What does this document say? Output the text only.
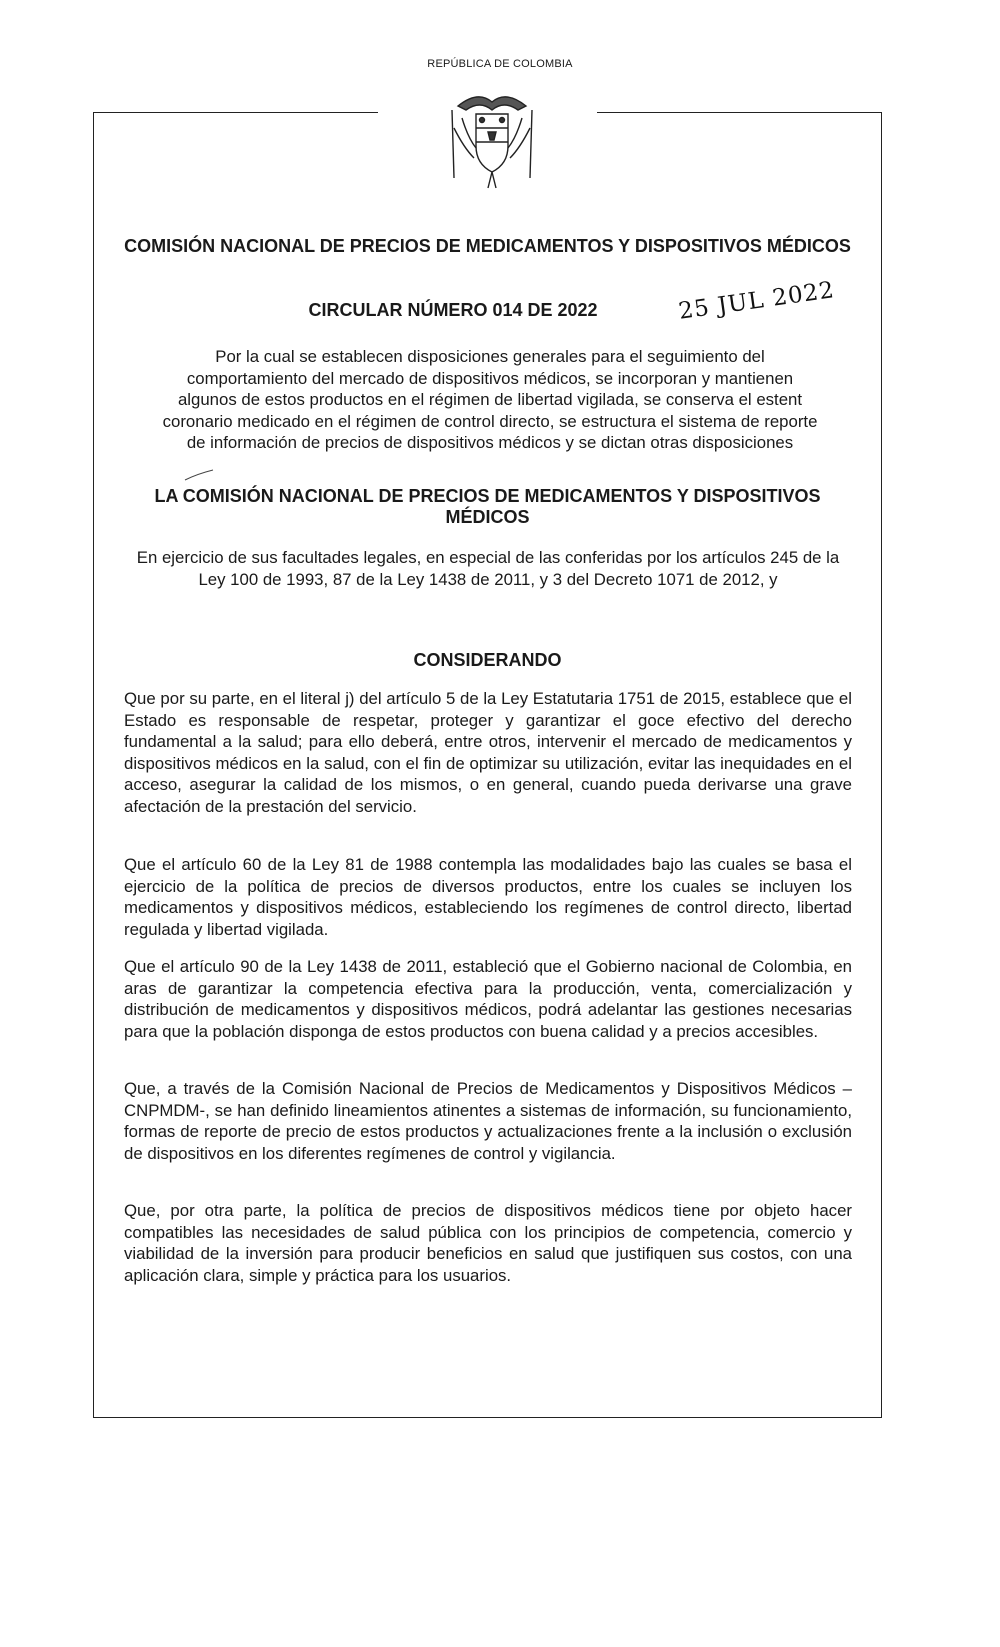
REPÚBLICA DE COLOMBIA
COMISIÓN NACIONAL DE PRECIOS DE MEDICAMENTOS Y DISPOSITIVOS MÉDICOS
CIRCULAR NÚMERO 014 DE 2022	25 JUL 2022
Por la cual se establecen disposiciones generales para el seguimiento del comportamiento del mercado de dispositivos médicos, se incorporan y mantienen algunos de estos productos en el régimen de libertad vigilada, se conserva el estent coronario medicado en el régimen de control directo, se estructura el sistema de reporte de información de precios de dispositivos médicos y se dictan otras disposiciones
LA COMISIÓN NACIONAL DE PRECIOS DE MEDICAMENTOS Y DISPOSITIVOS MÉDICOS
En ejercicio de sus facultades legales, en especial de las conferidas por los artículos 245 de la Ley 100 de 1993, 87 de la Ley 1438 de 2011, y 3 del Decreto 1071 de 2012, y
CONSIDERANDO
Que por su parte, en el literal j) del artículo 5 de la Ley Estatutaria 1751 de 2015, establece que el Estado es responsable de respetar, proteger y garantizar el goce efectivo del derecho fundamental a la salud; para ello deberá, entre otros, intervenir el mercado de medicamentos y dispositivos médicos en la salud, con el fin de optimizar su utilización, evitar las inequidades en el acceso, asegurar la calidad de los mismos, o en general, cuando pueda derivarse una grave afectación de la prestación del servicio.
Que el artículo 60 de la Ley 81 de 1988 contempla las modalidades bajo las cuales se basa el ejercicio de la política de precios de diversos productos, entre los cuales se incluyen los medicamentos y dispositivos médicos, estableciendo los regímenes de control directo, libertad regulada y libertad vigilada.
Que el artículo 90 de la Ley 1438 de 2011, estableció que el Gobierno nacional de Colombia, en aras de garantizar la competencia efectiva para la producción, venta, comercialización y distribución de medicamentos y dispositivos médicos, podrá adelantar las gestiones necesarias para que la población disponga de estos productos con buena calidad y a precios accesibles.
Que, a través de la Comisión Nacional de Precios de Medicamentos y Dispositivos Médicos –CNPMDM-, se han definido lineamientos atinentes a sistemas de información, su funcionamiento, formas de reporte de precio de estos productos y actualizaciones frente a la inclusión o exclusión de dispositivos en los diferentes regímenes de control y vigilancia.
Que, por otra parte, la política de precios de dispositivos médicos tiene por objeto hacer compatibles las necesidades de salud pública con los principios de competencia, comercio y viabilidad de la inversión para producir beneficios en salud que justifiquen sus costos, con una aplicación clara, simple y práctica para los usuarios.
